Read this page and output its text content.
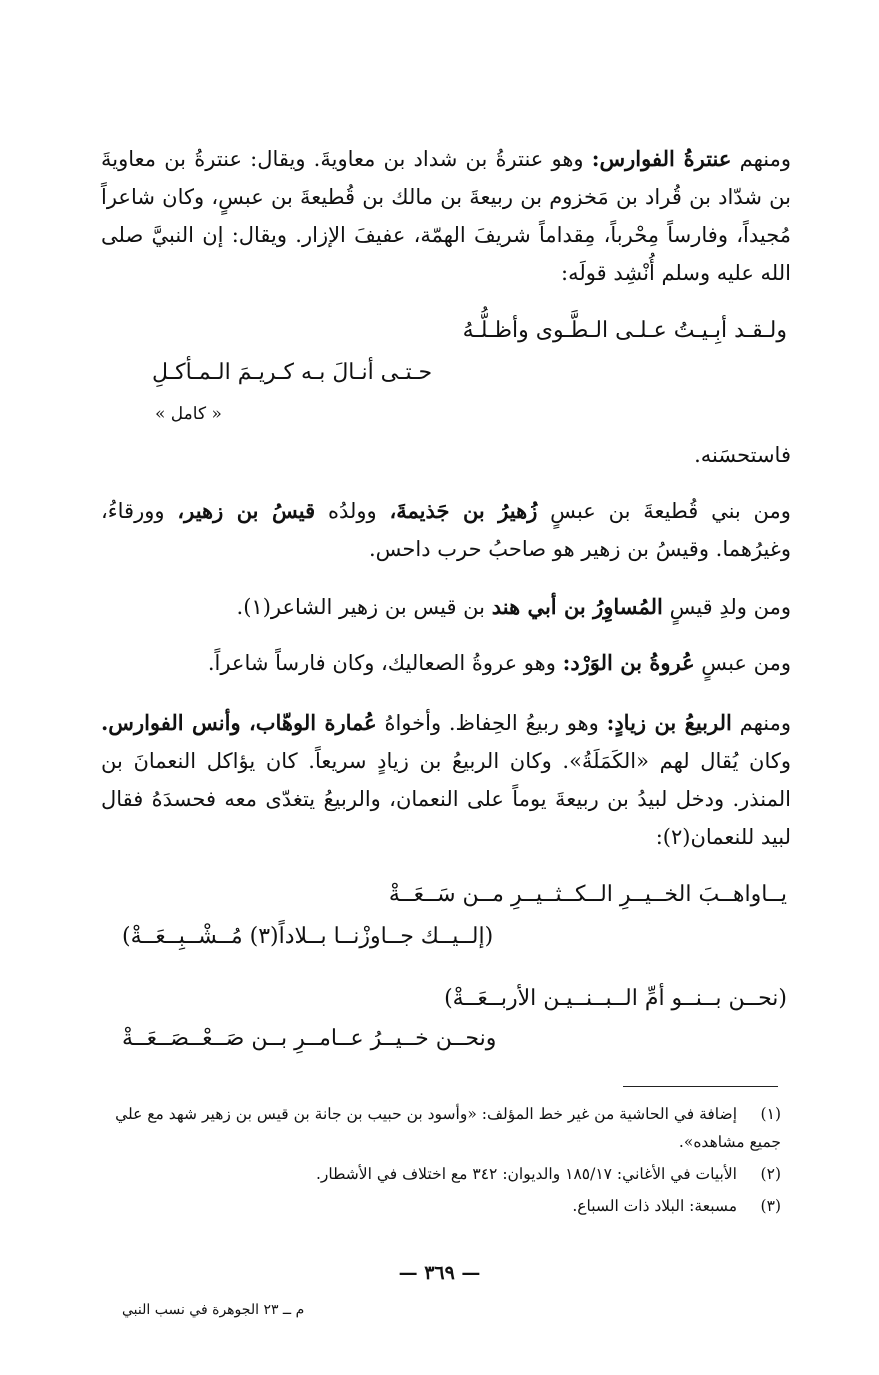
ومنهم عنترةُ الفوارس: وهو عنترةُ بن شداد بن معاويةَ. ويقال: عنترةُ بن معاويةَ بن شدّاد بن قُراد بن مَخزوم بن ربيعةَ بن مالك بن قُطيعةَ بن عبسٍ، وكان شاعراً مُجيداً، وفارساً مِحْرباً، مِقداماً شريفَ الهمّة، عفيفَ الإزار. ويقال: إن النبيَّ صلى الله عليه وسلم أُنْشِد قولَه:

ولـقـد أبِـيـتُ عـلـى الـطَّـوى وأظـلُّـهُ
حـتـى أنـالَ بـه كـريـمَ الـمـأكـلِ
« كامل »

فاستحسَنه.

ومن بني قُطيعةَ بن عبسٍ زُهيرُ بن جَذيمةَ، وولدُه قيسُ بن زهير، وورقاءُ، وغيرُهما. وقيسُ بن زهير هو صاحبُ حرب داحس.

ومن ولدِ قيسٍ المُساوِرُ بن أبي هند بن قيس بن زهير الشاعر(١).

ومن عبسٍ عُروةُ بن الوَرْد: وهو عروةُ الصعاليك، وكان فارساً شاعراً.

ومنهم الربيعُ بن زيادٍ: وهو ربيعُ الحِفاظ. وأخواهُ عُمارة الوهّاب، وأنس الفوارس. وكان يُقال لهم «الكَمَلَةُ». وكان الربيعُ بن زيادٍ سريعاً. كان يؤاكل النعمانَ بن المنذر. ودخل لبيدُ بن ربيعةَ يوماً على النعمان، والربيعُ يتغدّى معه فحسدَهُ فقال لبيد للنعمان(٢):

يــاواهــبَ الخــيــرِ الــكــثــيــرِ مــن سَــعَــةْ
(إلــيــك جــاوزْنــا بــلاداً(٣) مُــشْــبِــعَــةْ)
(نحــن بــنــو أمِّ الــبــنــيـن الأربــعَــةْ)
ونحــن خــيــرُ عــامــرِ بــن صَــعْــصَــعَــةْ

(١)إضافة في الحاشية من غير خط المؤلف: «وأسود بن حبيب بن جانة بن قيس بن زهير شهد مع علي جميع مشاهده».

(٢)الأبيات في الأغاني: ١٨٥/١٧ والديوان: ٣٤٢ مع اختلاف في الأشطار.

(٣)مسبعة: البلاد ذات السباع.

— ٣٦٩ —
م ــ ٢٣ الجوهرة في نسب النبي
